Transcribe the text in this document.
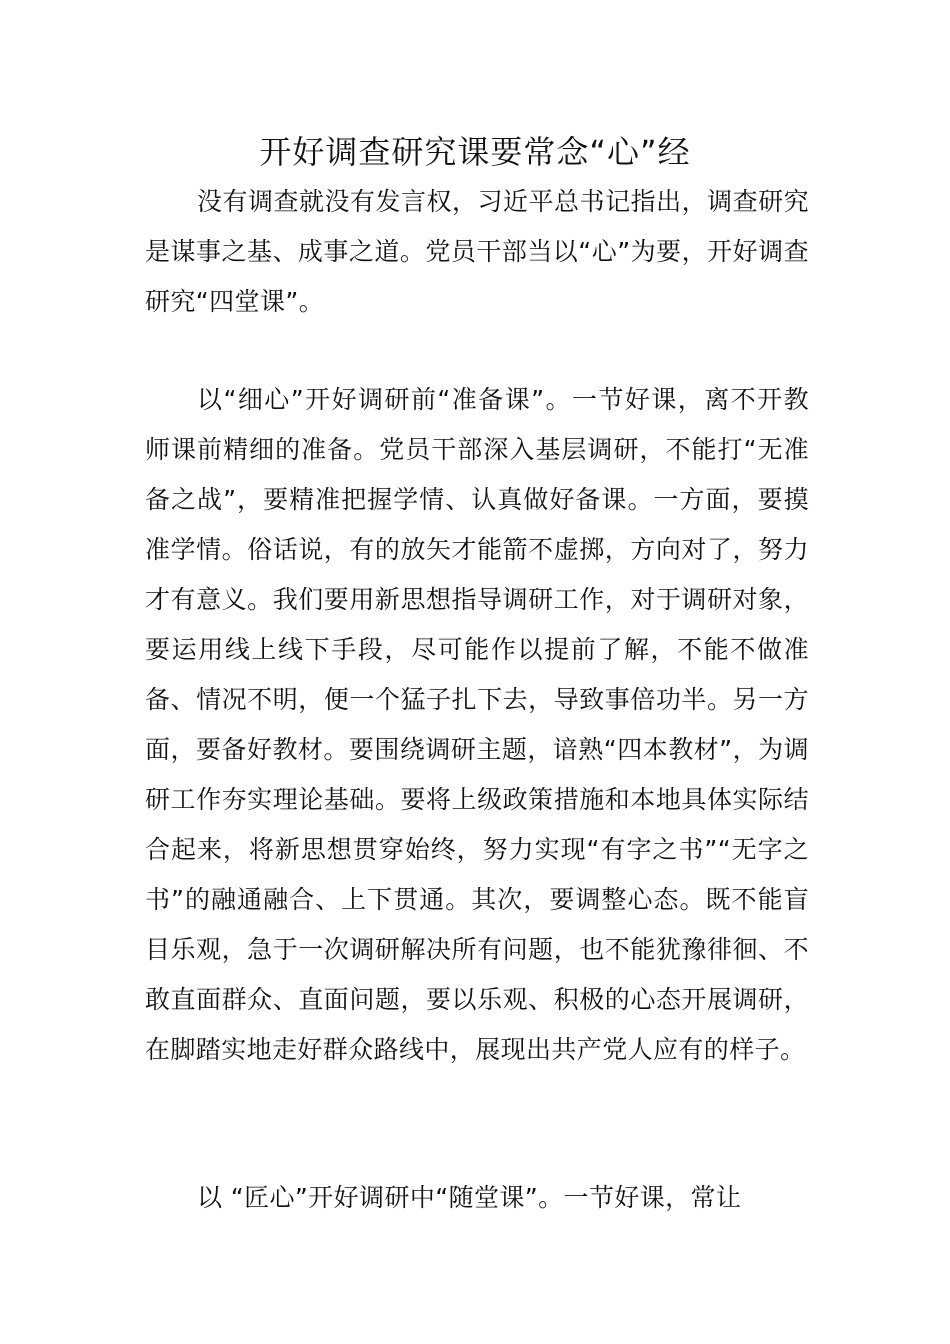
开好调查研究课要常念“心”经

没有调查就没有发言权，习近平总书记指出，调查研究是谋事之基、成事之道。党员干部当以“心”为要，开好调查研究“四堂课”。

以“细心”开好调研前“准备课”。一节好课，离不开教师课前精细的准备。党员干部深入基层调研，不能打“无准备之战”，要精准把握学情、认真做好备课。一方面，要摸准学情。俗话说，有的放矢才能箭不虚掷，方向对了，努力才有意义。我们要用新思想指导调研工作，对于调研对象，要运用线上线下手段，尽可能作以提前了解，不能不做准备、情况不明，便一个猛子扎下去，导致事倍功半。另一方面，要备好教材。要围绕调研主题，谙熟“四本教材”，为调研工作夯实理论基础。要将上级政策措施和本地具体实际结合起来，将新思想贯穿始终，努力实现“有字之书”“无字之书”的融通融合、上下贯通。其次，要调整心态。既不能盲目乐观，急于一次调研解决所有问题，也不能犹豫徘徊、不敢直面群众、直面问题，要以乐观、积极的心态开展调研，在脚踏实地走好群众路线中，展现出共产党人应有的样子。

以 “匠心”开好调研中“随堂课”。一节好课，常让
